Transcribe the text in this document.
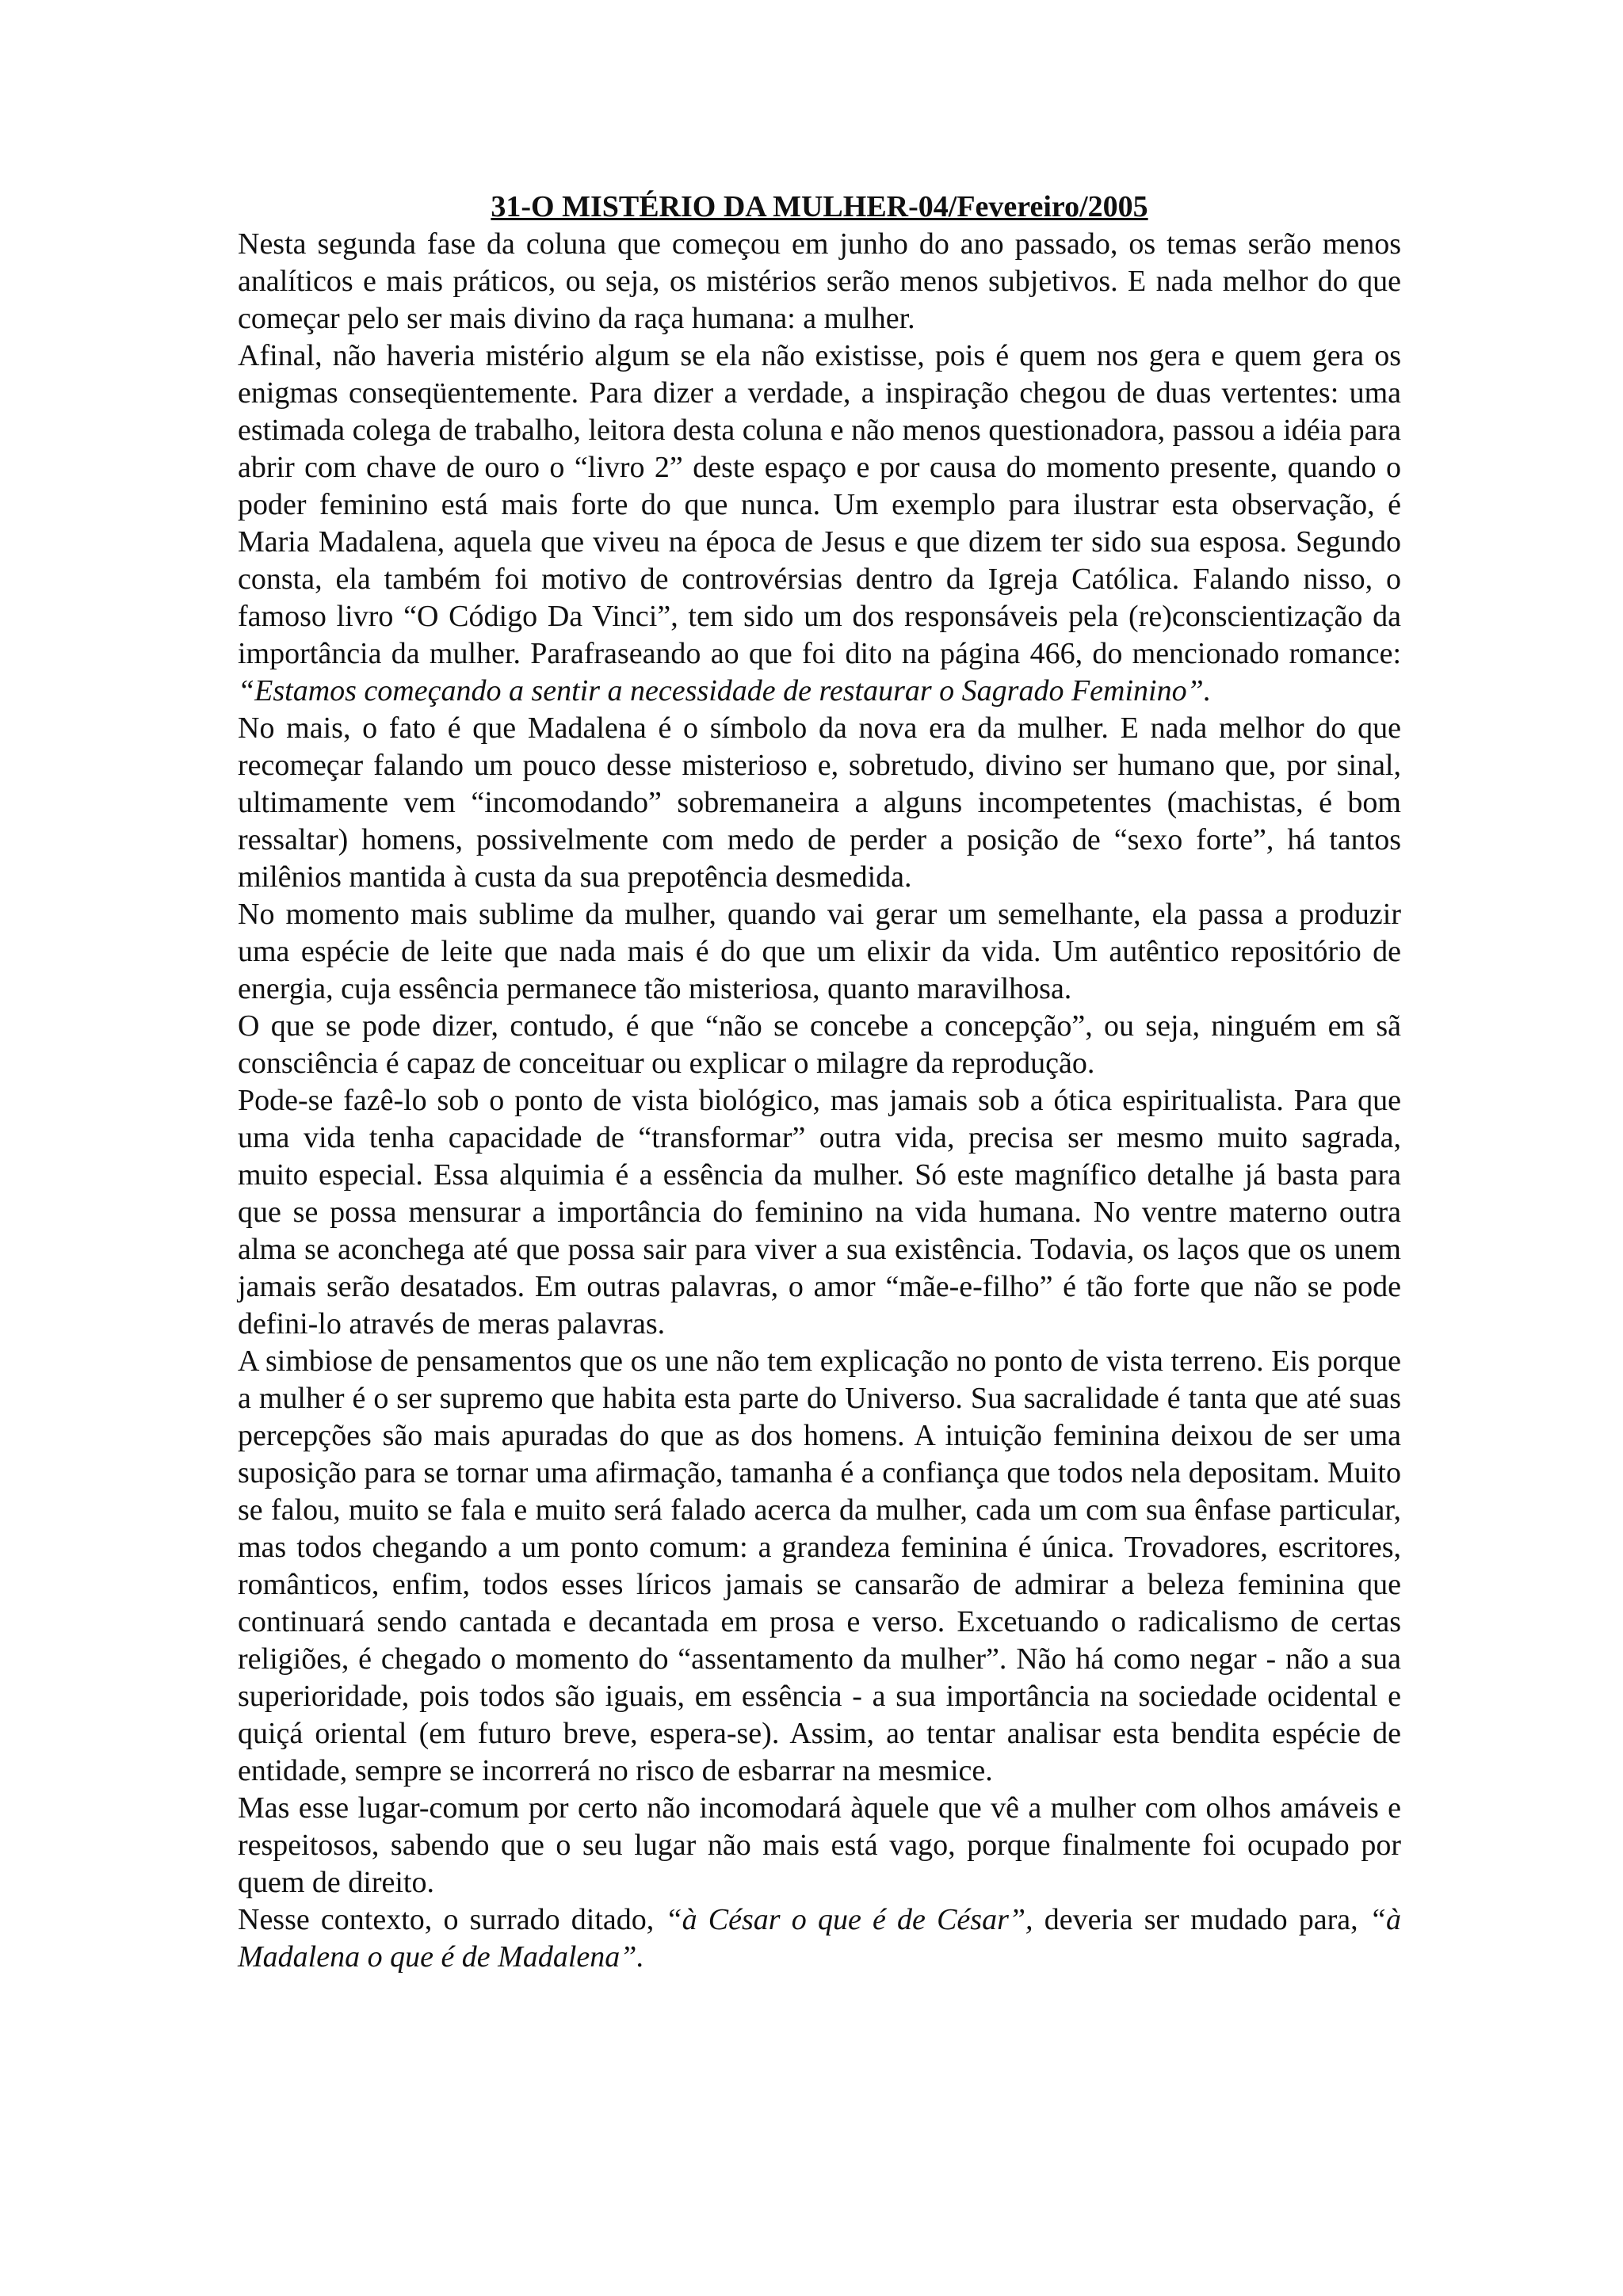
31-O MISTÉRIO DA MULHER-04/Fevereiro/2005

Nesta segunda fase da coluna que começou em junho do ano passado, os temas serão menos analíticos e mais práticos, ou seja, os mistérios serão menos subjetivos. E nada melhor do que começar pelo ser mais divino da raça humana: a mulher.

Afinal, não haveria mistério algum se ela não existisse, pois é quem nos gera e quem gera os enigmas conseqüentemente. Para dizer a verdade, a inspiração chegou de duas vertentes: uma estimada colega de trabalho, leitora desta coluna e não menos questionadora, passou a idéia para abrir com chave de ouro o “livro 2” deste espaço e por causa do momento presente, quando o poder feminino está mais forte do que nunca. Um exemplo para ilustrar esta observação, é Maria Madalena, aquela que viveu na época de Jesus e que dizem ter sido sua esposa. Segundo consta, ela também foi motivo de controvérsias dentro da Igreja Católica. Falando nisso, o famoso livro “O Código Da Vinci”, tem sido um dos responsáveis pela (re)conscientização da importância da mulher. Parafraseando ao que foi dito na página 466, do mencionado romance: “Estamos começando a sentir a necessidade de restaurar o Sagrado Feminino”.

No mais, o fato é que Madalena é o símbolo da nova era da mulher. E nada melhor do que recomeçar falando um pouco desse misterioso e, sobretudo, divino ser humano que, por sinal, ultimamente vem “incomodando” sobremaneira a alguns incompetentes (machistas, é bom ressaltar) homens, possivelmente com medo de perder a posição de “sexo forte”, há tantos milênios mantida à custa da sua prepotência desmedida.

No momento mais sublime da mulher, quando vai gerar um semelhante, ela passa a produzir uma espécie de leite que nada mais é do que um elixir da vida. Um autêntico repositório de energia, cuja essência permanece tão misteriosa, quanto maravilhosa.

O que se pode dizer, contudo, é que “não se concebe a concepção”, ou seja, ninguém em sã consciência é capaz de conceituar ou explicar o milagre da reprodução.

Pode-se fazê-lo sob o ponto de vista biológico, mas jamais sob a ótica espiritualista. Para que uma vida tenha capacidade de “transformar” outra vida, precisa ser mesmo muito sagrada, muito especial. Essa alquimia é a essência da mulher. Só este magnífico detalhe já basta para que se possa mensurar a importância do feminino na vida humana. No ventre materno outra alma se aconchega até que possa sair para viver a sua existência. Todavia, os laços que os unem jamais serão desatados. Em outras palavras, o amor “mãe-e-filho” é tão forte que não se pode defini-lo através de meras palavras.

A simbiose de pensamentos que os une não tem explicação no ponto de vista terreno. Eis porque a mulher é o ser supremo que habita esta parte do Universo. Sua sacralidade é tanta que até suas percepções são mais apuradas do que as dos homens. A intuição feminina deixou de ser uma suposição para se tornar uma afirmação, tamanha é a confiança que todos nela depositam. Muito se falou, muito se fala e muito será falado acerca da mulher, cada um com sua ênfase particular, mas todos chegando a um ponto comum: a grandeza feminina é única. Trovadores, escritores, românticos, enfim, todos esses líricos jamais se cansarão de admirar a beleza feminina que continuará sendo cantada e decantada em prosa e verso. Excetuando o radicalismo de certas religiões, é chegado o momento do “assentamento da mulher”. Não há como negar - não a sua superioridade, pois todos são iguais, em essência - a sua importância na sociedade ocidental e quiçá oriental (em futuro breve, espera-se). Assim, ao tentar analisar esta bendita espécie de entidade, sempre se incorrerá no risco de esbarrar na mesmice.

Mas esse lugar-comum por certo não incomodará àquele que vê a mulher com olhos amáveis e respeitosos, sabendo que o seu lugar não mais está vago, porque finalmente foi ocupado por quem de direito.

Nesse contexto, o surrado ditado, “à César o que é de César”, deveria ser mudado para, “à Madalena o que é de Madalena”.
